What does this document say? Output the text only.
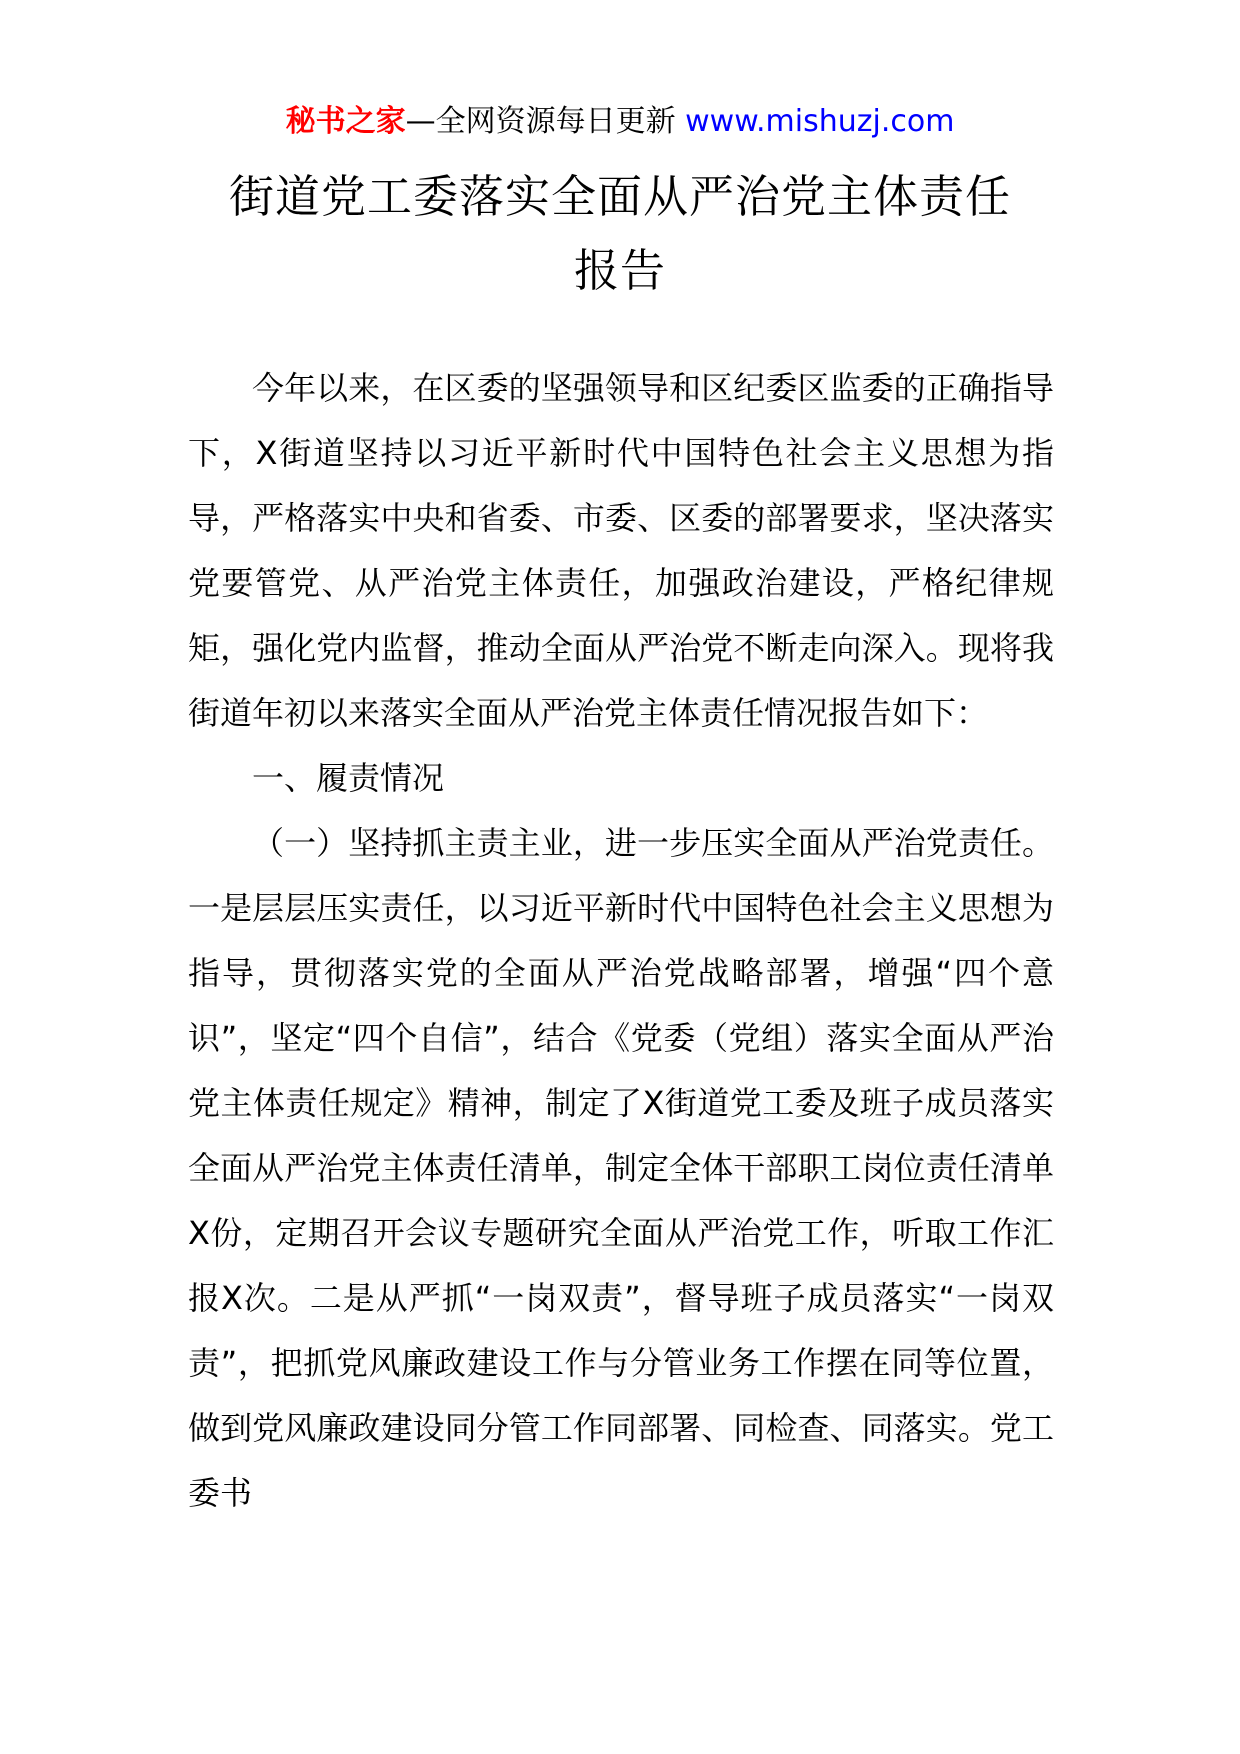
秘书之家—全网资源每日更新 www.mishuzj.com
街道党工委落实全面从严治党主体责任
报告

今年以来，在区委的坚强领导和区纪委区监委的正确指导下，X街道坚持以习近平新时代中国特色社会主义思想为指导，严格落实中央和省委、市委、区委的部署要求，坚决落实党要管党、从严治党主体责任，加强政治建设，严格纪律规矩，强化党内监督，推动全面从严治党不断走向深入。现将我街道年初以来落实全面从严治党主体责任情况报告如下：

一、履责情况

（一）坚持抓主责主业，进一步压实全面从严治党责任。一是层层压实责任，以习近平新时代中国特色社会主义思想为指导，贯彻落实党的全面从严治党战略部署，增强“四个意识”，坚定“四个自信”，结合《党委（党组）落实全面从严治党主体责任规定》精神，制定了X街道党工委及班子成员落实全面从严治党主体责任清单，制定全体干部职工岗位责任清单X份，定期召开会议专题研究全面从严治党工作，听取工作汇报X次。二是从严抓“一岗双责”，督导班子成员落实“一岗双责”，把抓党风廉政建设工作与分管业务工作摆在同等位置，做到党风廉政建设同分管工作同部署、同检查、同落实。党工委书
